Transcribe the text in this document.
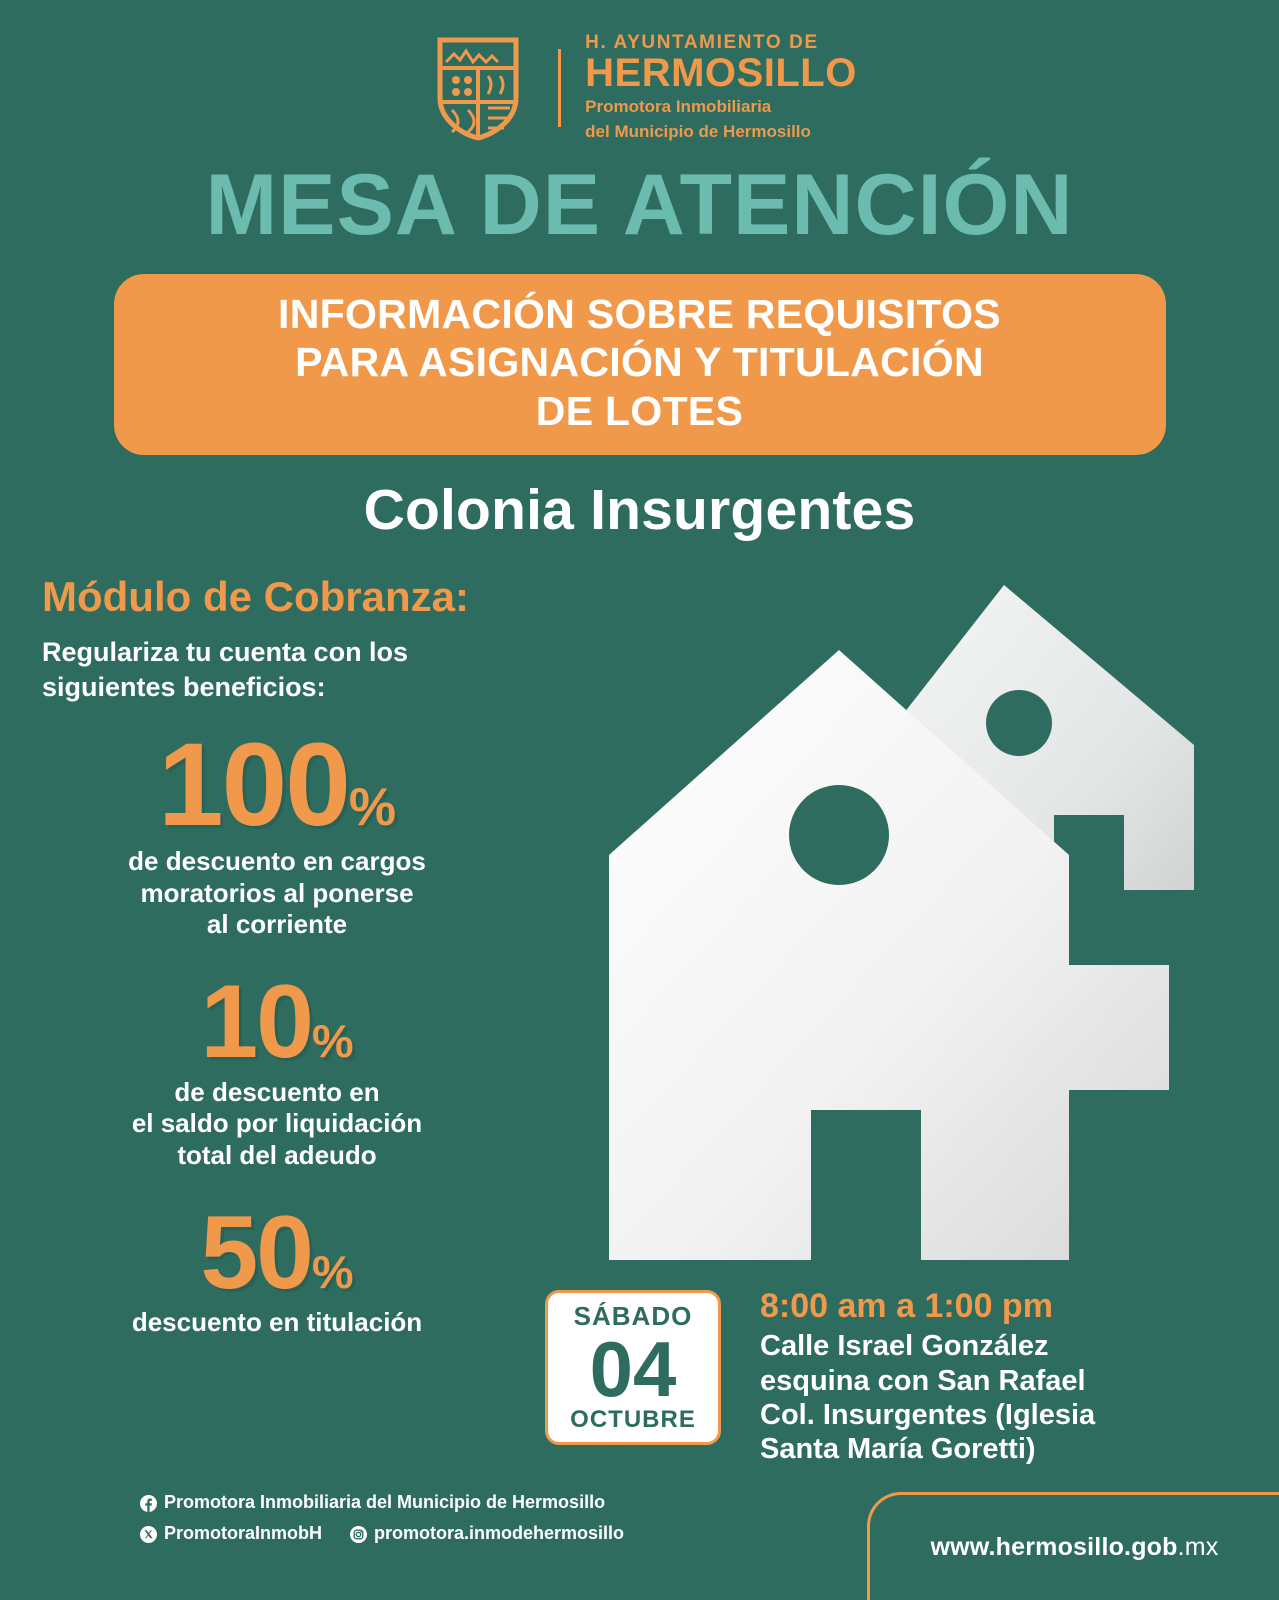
H. AYUNTAMIENTO DE
HERMOSILLO
Promotora Inmobiliaria
del Municipio de Hermosillo
MESA DE ATENCIÓN
INFORMACIÓN SOBRE REQUISITOS
PARA ASIGNACIÓN Y TITULACIÓN
DE LOTES
Colonia Insurgentes
Módulo de Cobranza:
Regulariza tu cuenta con los
siguientes beneficios:
100%
de descuento en cargos
moratorios al ponerse
al corriente
10%
de descuento en
el saldo por liquidación
total del adeudo
50%
descuento en titulación	SÁBADO
04
OCTUBRE
8:00 am a 1:00 pm
Calle Israel González
esquina con San Rafael
Col. Insurgentes (Iglesia
Santa María Goretti)
Promotora Inmobiliaria del Municipio de Hermosillo
PromotoraInmobH	promotora.inmodehermosillo	www.hermosillo.gob.mx
